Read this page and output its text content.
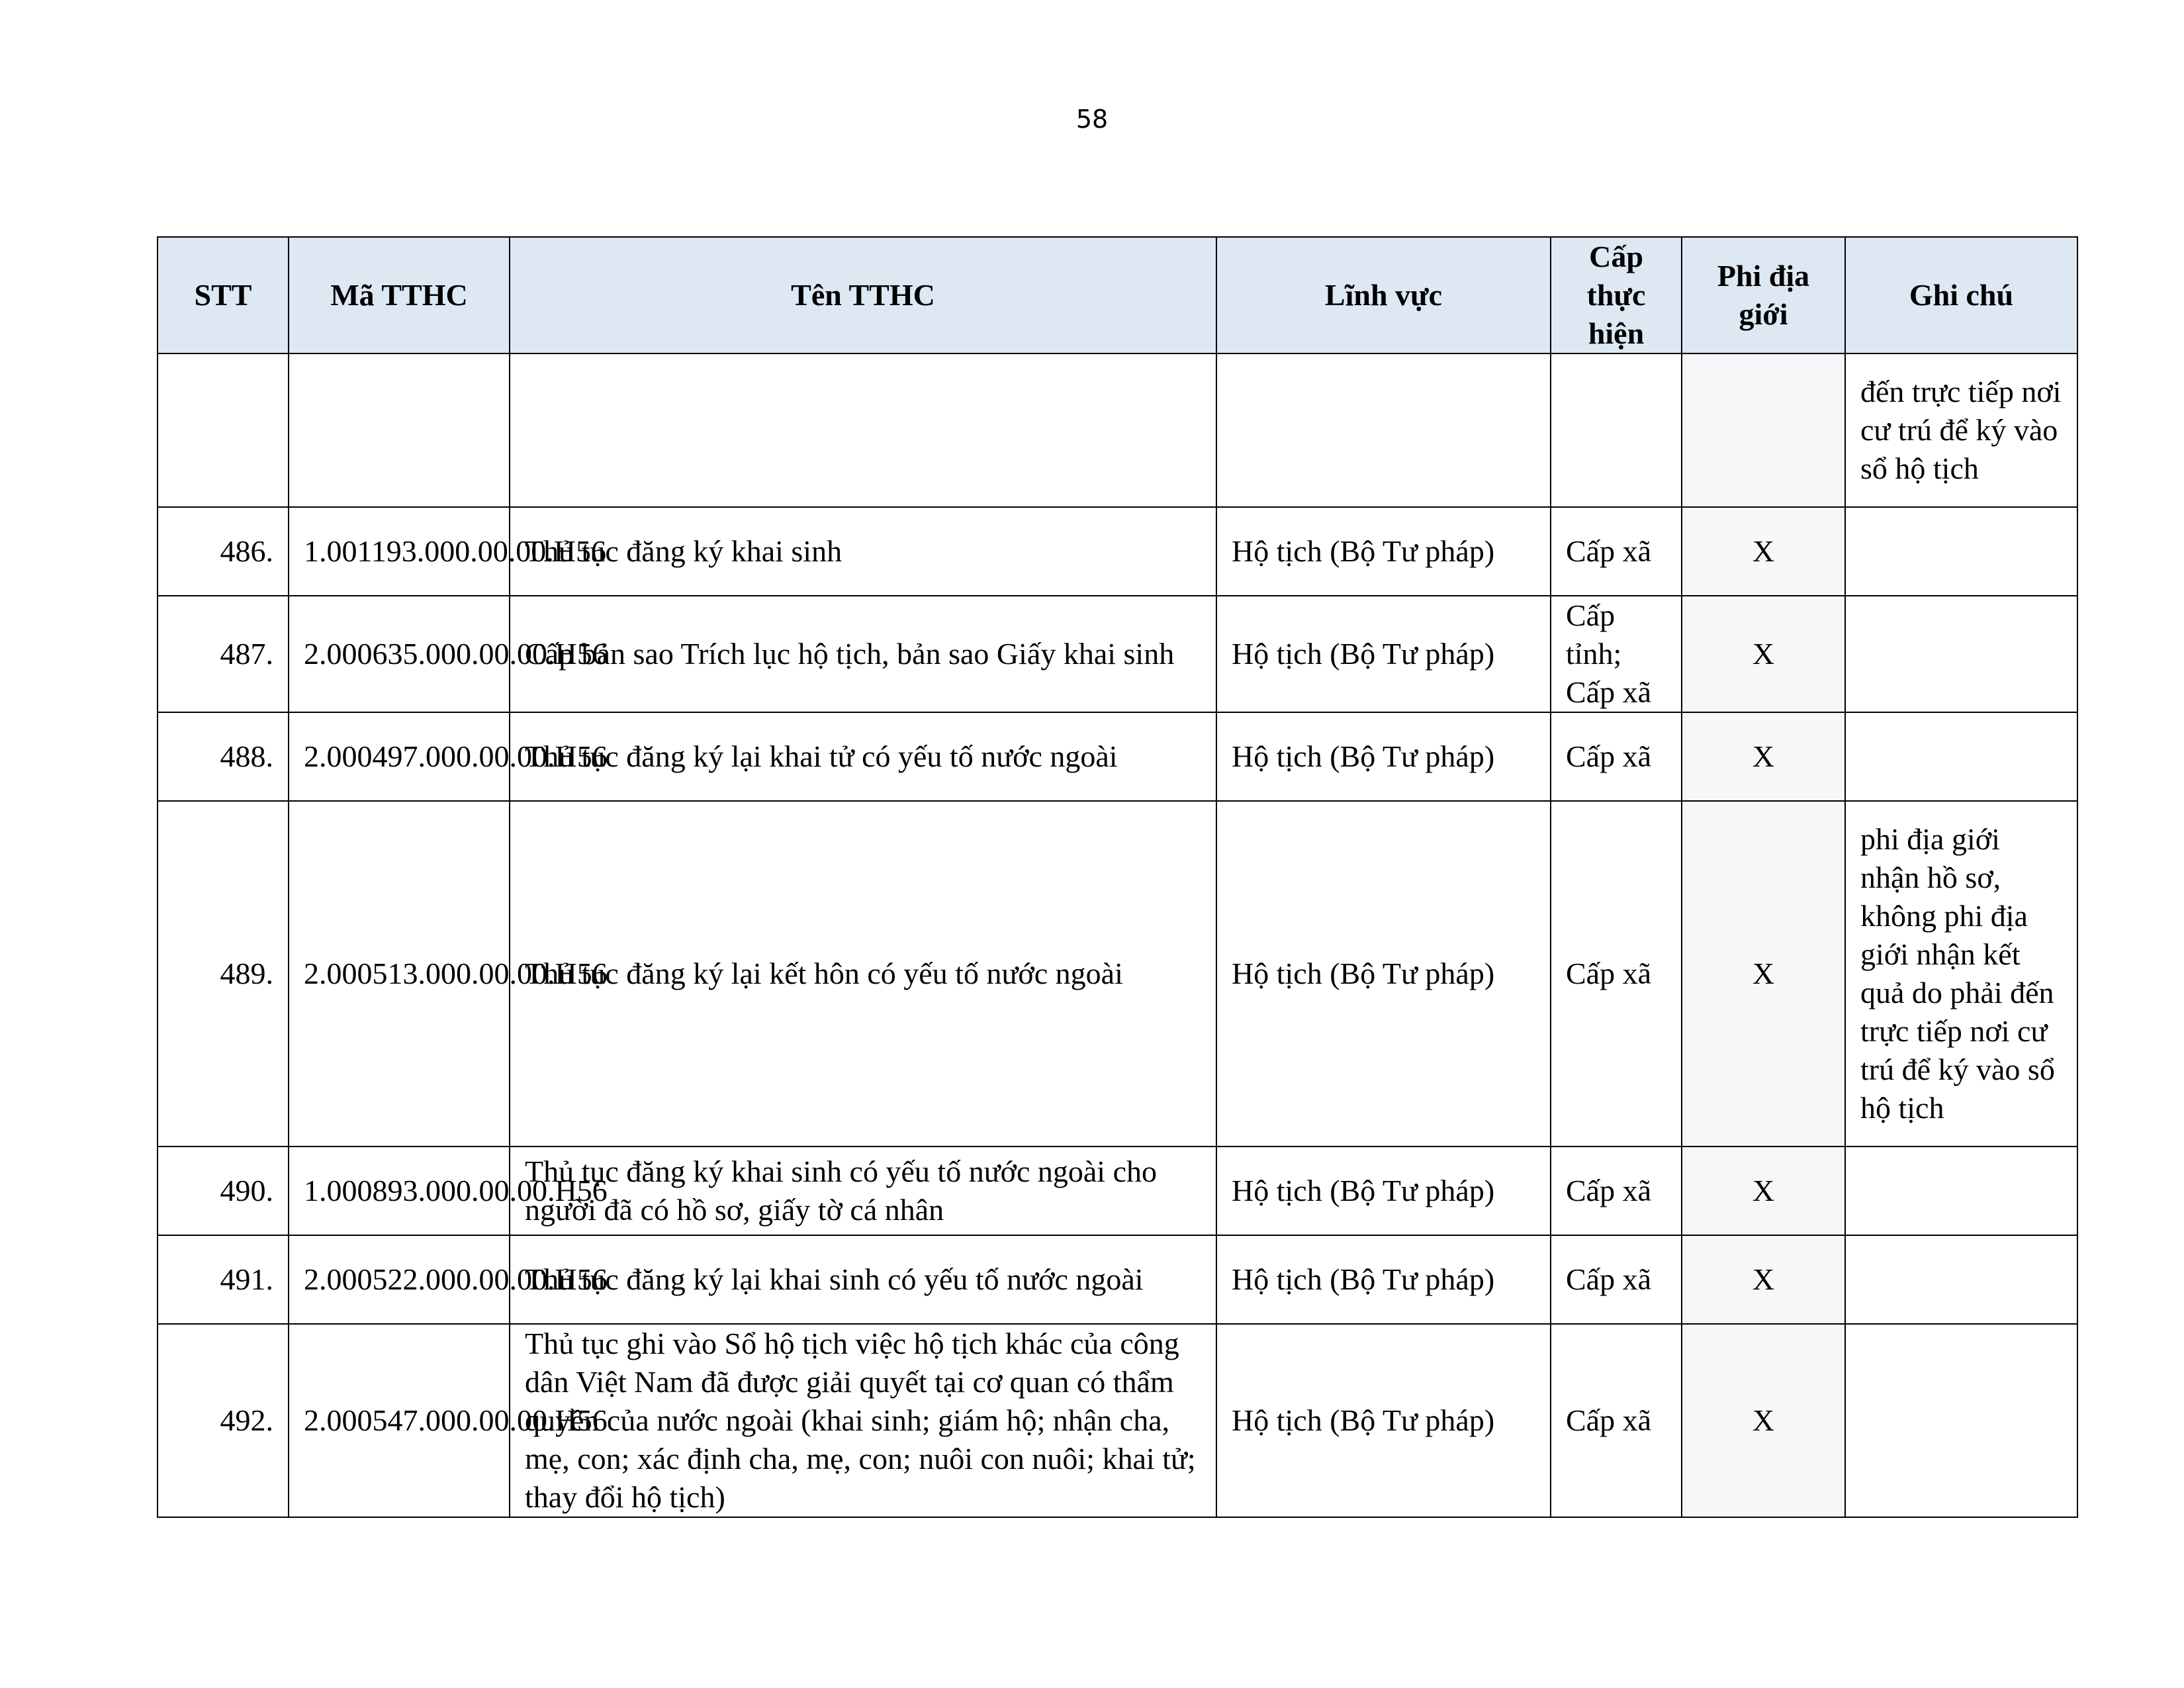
58
STT	Mã TTHC	Tên TTHC	Lĩnh vực	Cấp thực hiện	Phi địa giới	Ghi chú
						đến trực tiếp nơi cư trú để ký vào sổ hộ tịch
486.	1.001193.000.00.00.H56	Thủ tục đăng ký khai sinh	Hộ tịch (Bộ Tư pháp)	Cấp xã	X	
487.	2.000635.000.00.00.H56	Cấp bản sao Trích lục hộ tịch, bản sao Giấy khai sinh	Hộ tịch (Bộ Tư pháp)	Cấp tỉnh; Cấp xã	X	
488.	2.000497.000.00.00.H56	Thủ tục đăng ký lại khai tử có yếu tố nước ngoài	Hộ tịch (Bộ Tư pháp)	Cấp xã	X	
489.	2.000513.000.00.00.H56	Thủ tục đăng ký lại kết hôn có yếu tố nước ngoài	Hộ tịch (Bộ Tư pháp)	Cấp xã	X	phi địa giới nhận hồ sơ, không phi địa giới nhận kết quả do phải đến trực tiếp nơi cư trú để ký vào sổ hộ tịch
490.	1.000893.000.00.00.H56	Thủ tục đăng ký khai sinh có yếu tố nước ngoài cho người đã có hồ sơ, giấy tờ cá nhân	Hộ tịch (Bộ Tư pháp)	Cấp xã	X	
491.	2.000522.000.00.00.H56	Thủ tục đăng ký lại khai sinh có yếu tố nước ngoài	Hộ tịch (Bộ Tư pháp)	Cấp xã	X	
492.	2.000547.000.00.00.H56	Thủ tục ghi vào Sổ hộ tịch việc hộ tịch khác của công dân Việt Nam đã được giải quyết tại cơ quan có thẩm quyền của nước ngoài (khai sinh; giám hộ; nhận cha, mẹ, con; xác định cha, mẹ, con; nuôi con nuôi; khai tử; thay đổi hộ tịch)	Hộ tịch (Bộ Tư pháp)	Cấp xã	X	
